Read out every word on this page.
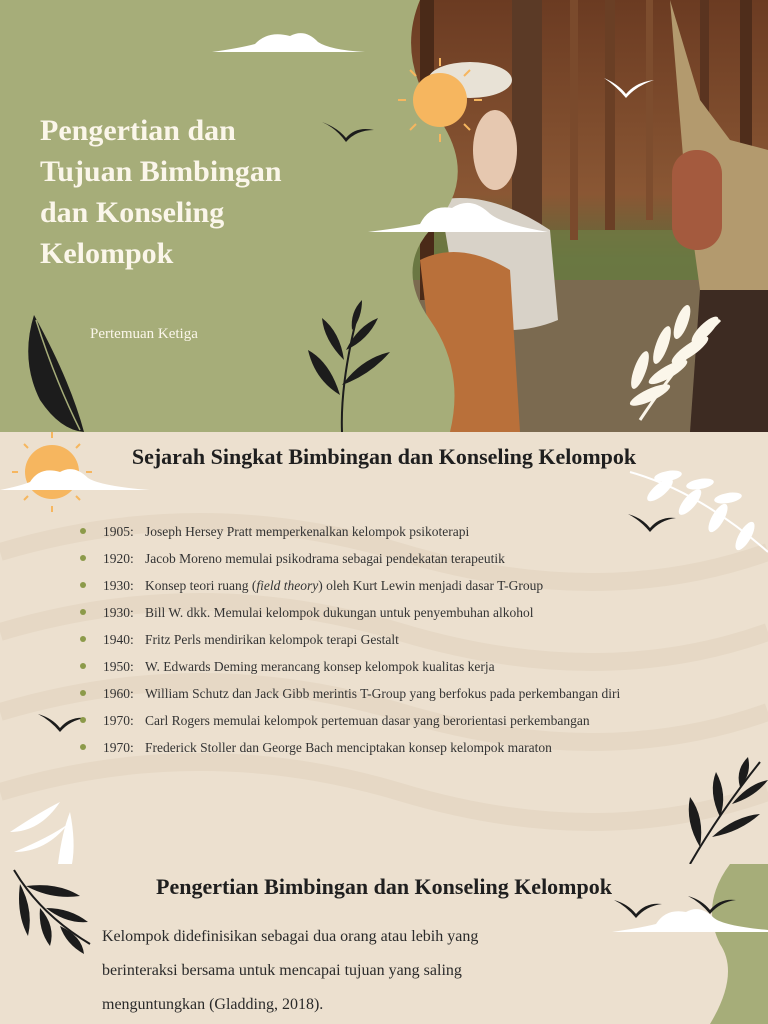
Pengertian dan
Tujuan Bimbingan
dan Konseling
Kelompok
Pertemuan Ketiga
Sejarah Singkat Bimbingan dan Konseling Kelompok
1905: Joseph Hersey Pratt memperkenalkan kelompok psikoterapi
1920: Jacob Moreno memulai psikodrama sebagai pendekatan terapeutik
1930: Konsep teori ruang (field theory) oleh Kurt Lewin menjadi dasar T-Group
1930: Bill W. dkk. Memulai kelompok dukungan untuk penyembuhan alkohol
1940: Fritz Perls mendirikan kelompok terapi Gestalt
1950: W. Edwards Deming merancang konsep kelompok kualitas kerja
1960: William Schutz dan Jack Gibb merintis T-Group yang berfokus pada perkembangan diri
1970: Carl Rogers memulai kelompok pertemuan dasar yang berorientasi perkembangan
1970: Frederick Stoller dan George Bach menciptakan konsep kelompok maraton
Pengertian Bimbingan dan Konseling Kelompok

Kelompok didefinisikan sebagai dua orang atau lebih yang
berinteraksi bersama untuk mencapai tujuan yang saling
menguntungkan (Gladding, 2018).
